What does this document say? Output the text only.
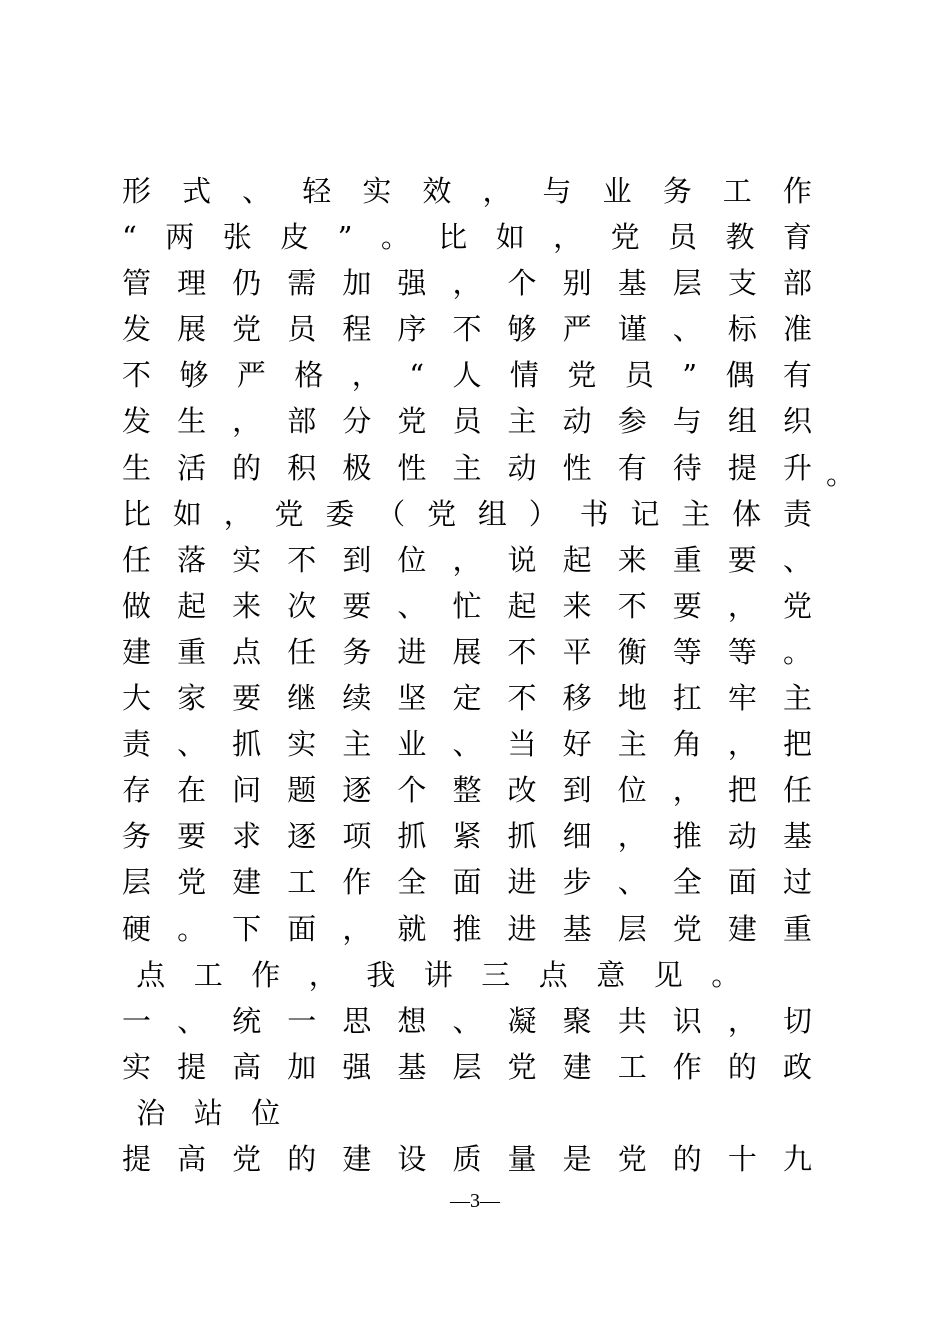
形 式 、 轻 实 效 ， 与 业 务 工 作
“ 两 张 皮 ” 。 比 如 ， 党 员 教 育
管 理 仍 需 加 强 ， 个 别 基 层 支 部
发 展 党 员 程 序 不 够 严 谨 、 标 准
不 够 严 格 ， “ 人 情 党 员 ” 偶 有
发 生 ， 部 分 党 员 主 动 参 与 组 织
生 活 的 积 极 性 主 动 性 有 待 提 升
比 如 ， 党 委 （ 党 组 ） 书 记 主 体 责
任 落 实 不 到 位 ， 说 起 来 重 要 、
做 起 来 次 要 、 忙 起 来 不 要 ， 党
建 重 点 任 务 进 展 不 平 衡 等 等 。
大 家 要 继 续 坚 定 不 移 地 扛 牢 主
责 、 抓 实 主 业 、 当 好 主 角 ， 把
存 在 问 题 逐 个 整 改 到 位 ， 把 任
务 要 求 逐 项 抓 紧 抓 细 ， 推 动 基
层 党 建 工 作 全 面 进 步 、 全 面 过
硬 。 下 面 ， 就 推 进 基 层 党 建 重
点 工 作 ， 我 讲 三 点 意 见 。
一 、 统 一 思 想 、 凝 聚 共 识 ， 切
实 提 高 加 强 基 层 党 建 工 作 的 政
治 站 位
提 高 党 的 建 设 质 量 是 党 的 十 九
。
—3—
